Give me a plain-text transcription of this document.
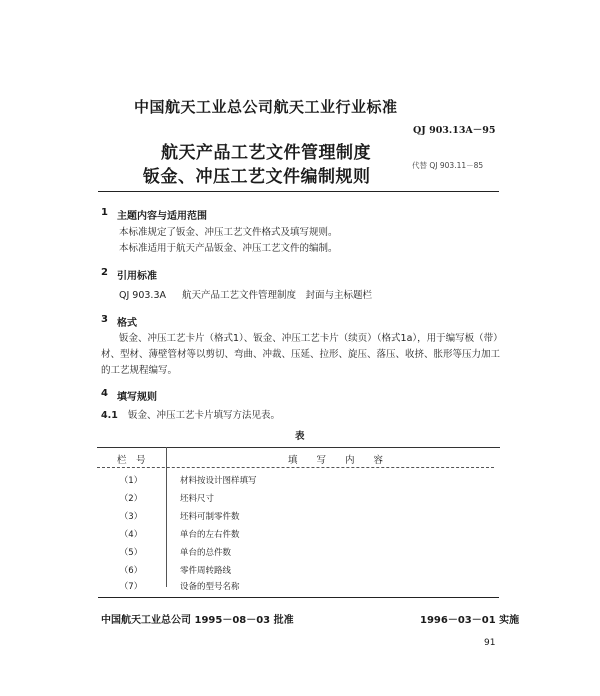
中国航天工业总公司航天工业行业标准
QJ 903.13A－95
航天产品工艺文件管理制度
钣金、冲压工艺文件编制规则
代替 QJ 903.11－85
1 主题内容与适用范围
本标准规定了钣金、冲压工艺文件格式及填写规则。
本标准适用于航天产品钣金、冲压工艺文件的编制。
2 引用标准
QJ 903.3A 航天产品工艺文件管理制度　封面与主标题栏
3 格式
钣金、冲压工艺卡片（格式1）、钣金、冲压工艺卡片（续页）（格式1a），用于编写板（带）材、型材、薄壁管材等以剪切、弯曲、冲裁、压延、拉形、旋压、落压、收挤、胀形等压力加工的工艺规程编写。
4 填写规则
4.1 钣金、冲压工艺卡片填写方法见表。
表
栏　号	填　　写　　内　　容
（1）	材料按设计图样填写
（2）	坯料尺寸
（3）	坯料可制零件数
（4）	单台的左右件数
（5）	单台的总件数
（6）	零件周转路线
（7）	设备的型号名称
中国航天工业总公司 1995－08－03 批准	1996－03－01 实施
91
